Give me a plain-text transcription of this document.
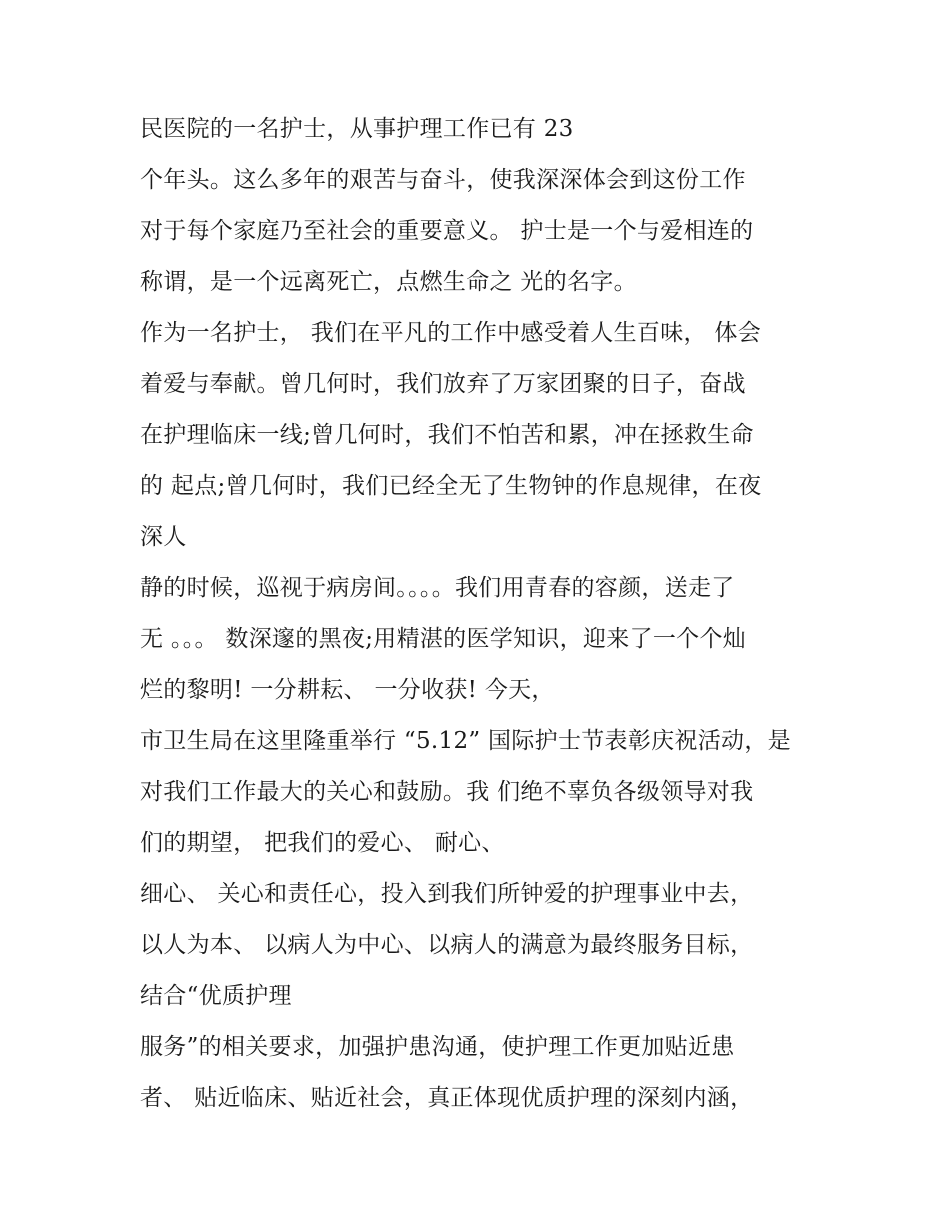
民医院的一名护士，从事护理工作已有 23
个年头。这么多年的艰苦与奋斗，使我深深体会到这份工作
对于每个家庭乃至社会的重要意义。 护士是一个与爱相连的
称谓，是一个远离死亡，点燃生命之 光的名字。
作为一名护士， 我们在平凡的工作中感受着人生百味， 体会
着爱与奉献。曾几何时，我们放弃了万家团聚的日子，奋战
在护理临床一线;曾几何时，我们不怕苦和累，冲在拯救生命
的 起点;曾几何时，我们已经全无了生物钟的作息规律，在夜
深人
静的时候，巡视于病房间。。。。我们用青春的容颜，送走了
无 。。。 数深邃的黑夜;用精湛的医学知识，迎来了一个个灿
烂的黎明! 一分耕耘、 一分收获! 今天，
市卫生局在这里隆重举行 “5.12” 国际护士节表彰庆祝活动，是
对我们工作最大的关心和鼓励。我 们绝不辜负各级领导对我
们的期望， 把我们的爱心、 耐心、
细心、 关心和责任心，投入到我们所钟爱的护理事业中去，
以人为本、 以病人为中心、以病人的满意为最终服务目标，
结合“优质护理
服务”的相关要求，加强护患沟通，使护理工作更加贴近患
者、 贴近临床、贴近社会，真正体现优质护理的深刻内涵，
